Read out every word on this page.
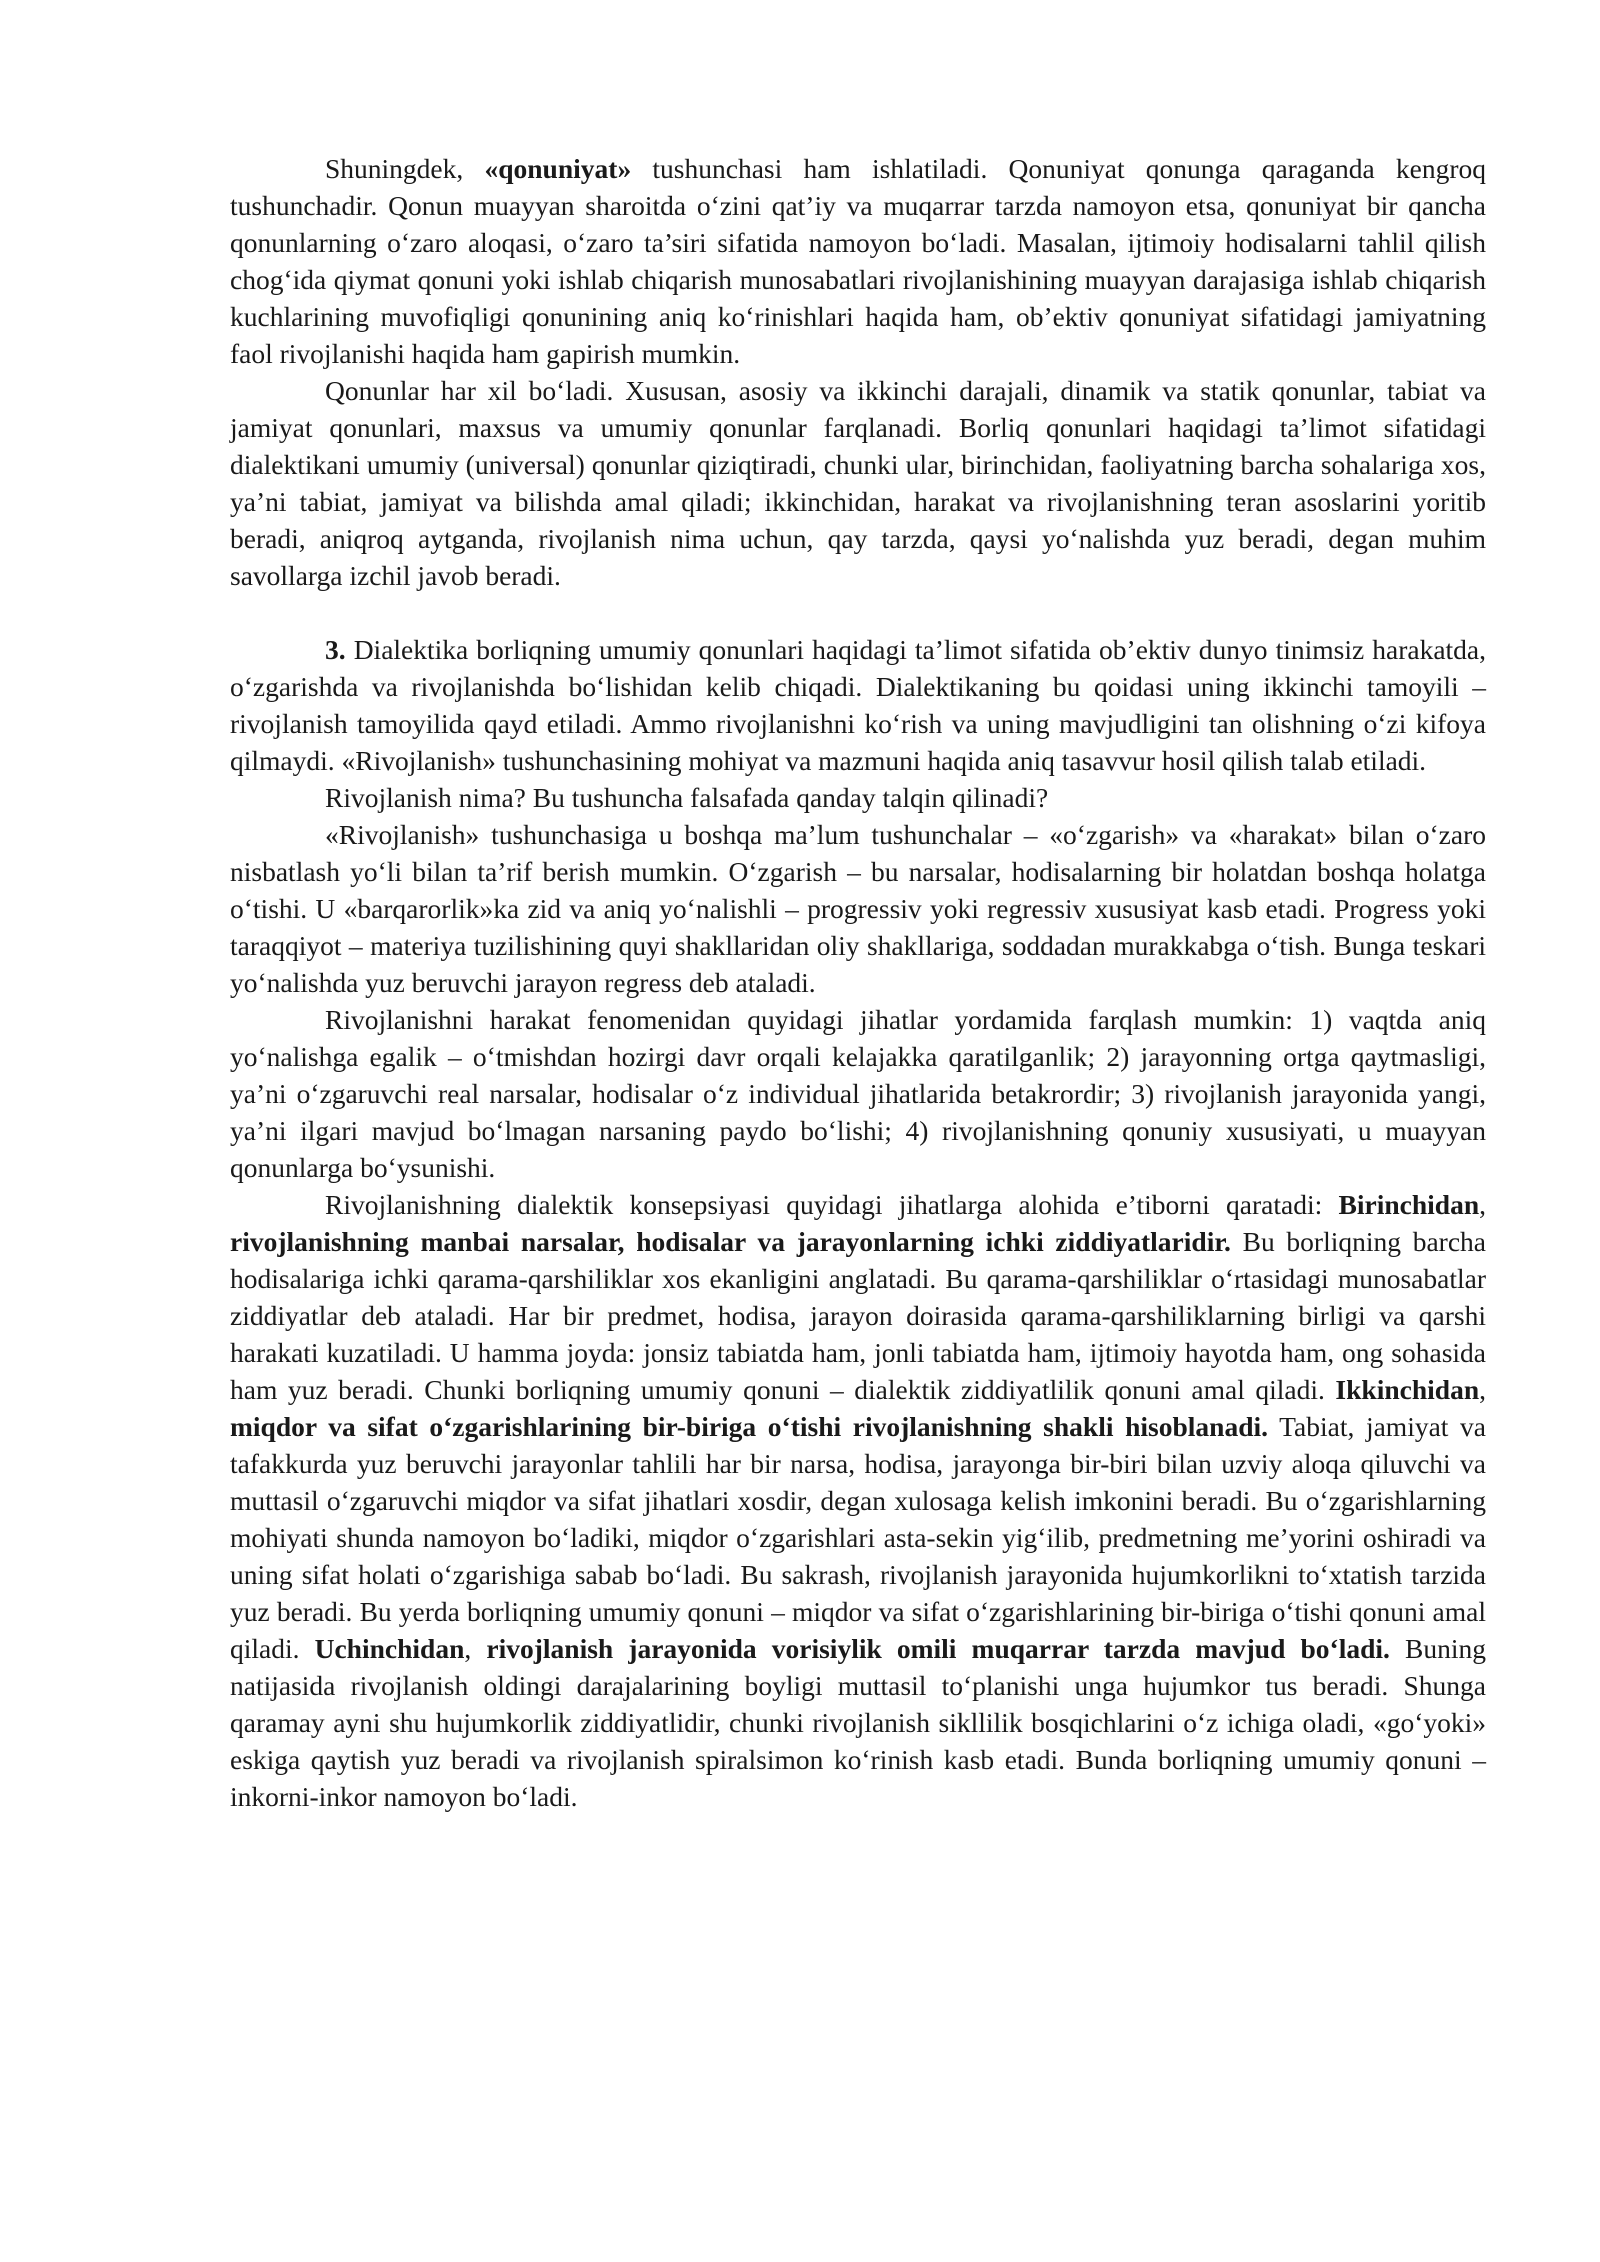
Shuningdek, «qonuniyat» tushunchasi ham ishlatiladi. Qonuniyat qonunga qaraganda kengroq tushunchadir. Qonun muayyan sharoitda o‘zini qat’iy va muqarrar tarzda namoyon etsa, qonuniyat bir qancha qonunlarning o‘zaro aloqasi, o‘zaro ta’siri sifatida namoyon bo‘ladi. Masalan, ijtimoiy hodisalarni tahlil qilish chog‘ida qiymat qonuni yoki ishlab chiqarish munosabatlari rivojlanishining muayyan darajasiga ishlab chiqarish kuchlarining muvofiqligi qonunining aniq ko‘rinishlari haqida ham, ob’ektiv qonuniyat sifatidagi jamiyatning faol rivojlanishi haqida ham gapirish mumkin.

Qonunlar har xil bo‘ladi. Xususan, asosiy va ikkinchi darajali, dinamik va statik qonunlar, tabiat va jamiyat qonunlari, maxsus va umumiy qonunlar farqlanadi. Borliq qonunlari haqidagi ta’limot sifatidagi dialektikani umumiy (universal) qonunlar qiziqtiradi, chunki ular, birinchidan, faoliyatning barcha sohalariga xos, ya’ni tabiat, jamiyat va bilishda amal qiladi; ikkinchidan, harakat va rivojlanishning teran asoslarini yoritib beradi, aniqroq aytganda, rivojlanish nima uchun, qay tarzda, qaysi yo‘nalishda yuz beradi, degan muhim savollarga izchil javob beradi.

3. Dialektika borliqning umumiy qonunlari haqidagi ta’limot sifatida ob’ektiv dunyo tinimsiz harakatda, o‘zgarishda va rivojlanishda bo‘lishidan kelib chiqadi. Dialektikaning bu qoidasi uning ikkinchi tamoyili – rivojlanish tamoyilida qayd etiladi. Ammo rivojlanishni ko‘rish va uning mavjudligini tan olishning o‘zi kifoya qilmaydi. «Rivojlanish» tushunchasining mohiyat va mazmuni haqida aniq tasavvur hosil qilish talab etiladi.

Rivojlanish nima? Bu tushuncha falsafada qanday talqin qilinadi?

«Rivojlanish» tushunchasiga u boshqa ma’lum tushunchalar – «o‘zgarish» va «harakat» bilan o‘zaro nisbatlash yo‘li bilan ta’rif berish mumkin. O‘zgarish – bu narsalar, hodisalarning bir holatdan boshqa holatga o‘tishi. U «barqarorlik»ka zid va aniq yo‘nalishli – progressiv yoki regressiv xususiyat kasb etadi. Progress yoki taraqqiyot – materiya tuzilishining quyi shakllaridan oliy shakllariga, soddadan murakkabga o‘tish. Bunga teskari yo‘nalishda yuz beruvchi jarayon regress deb ataladi.

Rivojlanishni harakat fenomenidan quyidagi jihatlar yordamida farqlash mumkin: 1) vaqtda aniq yo‘nalishga egalik – o‘tmishdan hozirgi davr orqali kelajakka qaratilganlik; 2) jarayonning ortga qaytmasligi, ya’ni o‘zgaruvchi real narsalar, hodisalar o‘z individual jihatlarida betakrordir; 3) rivojlanish jarayonida yangi, ya’ni ilgari mavjud bo‘lmagan narsaning paydo bo‘lishi; 4) rivojlanishning qonuniy xususiyati, u muayyan qonunlarga bo‘ysunishi.

Rivojlanishning dialektik konsepsiyasi quyidagi jihatlarga alohida e’tiborni qaratadi: Birinchidan, rivojlanishning manbai narsalar, hodisalar va jarayonlarning ichki ziddiyatlaridir. Bu borliqning barcha hodisalariga ichki qarama-qarshiliklar xos ekanligini anglatadi. Bu qarama-qarshiliklar o‘rtasidagi munosabatlar ziddiyatlar deb ataladi. Har bir predmet, hodisa, jarayon doirasida qarama-qarshiliklarning birligi va qarshi harakati kuzatiladi. U hamma joyda: jonsiz tabiatda ham, jonli tabiatda ham, ijtimoiy hayotda ham, ong sohasida ham yuz beradi. Chunki borliqning umumiy qonuni – dialektik ziddiyatlilik qonuni amal qiladi. Ikkinchidan, miqdor va sifat o‘zgarishlarining bir-biriga o‘tishi rivojlanishning shakli hisoblanadi. Tabiat, jamiyat va tafakkurda yuz beruvchi jarayonlar tahlili har bir narsa, hodisa, jarayonga bir-biri bilan uzviy aloqa qiluvchi va muttasil o‘zgaruvchi miqdor va sifat jihatlari xosdir, degan xulosaga kelish imkonini beradi. Bu o‘zgarishlarning mohiyati shunda namoyon bo‘ladiki, miqdor o‘zgarishlari asta-sekin yig‘ilib, predmetning me’yorini oshiradi va uning sifat holati o‘zgarishiga sabab bo‘ladi. Bu sakrash, rivojlanish jarayonida hujumkorlikni to‘xtatish tarzida yuz beradi. Bu yerda borliqning umumiy qonuni – miqdor va sifat o‘zgarishlarining bir-biriga o‘tishi qonuni amal qiladi. Uchinchidan, rivojlanish jarayonida vorisiylik omili muqarrar tarzda mavjud bo‘ladi. Buning natijasida rivojlanish oldingi darajalarining boyligi muttasil to‘planishi unga hujumkor tus beradi. Shunga qaramay ayni shu hujumkorlik ziddiyatlidir, chunki rivojlanish sikllilik bosqichlarini o‘z ichiga oladi, «go‘yoki» eskiga qaytish yuz beradi va rivojlanish spiralsimon ko‘rinish kasb etadi. Bunda borliqning umumiy qonuni – inkorni-inkor namoyon bo‘ladi.
